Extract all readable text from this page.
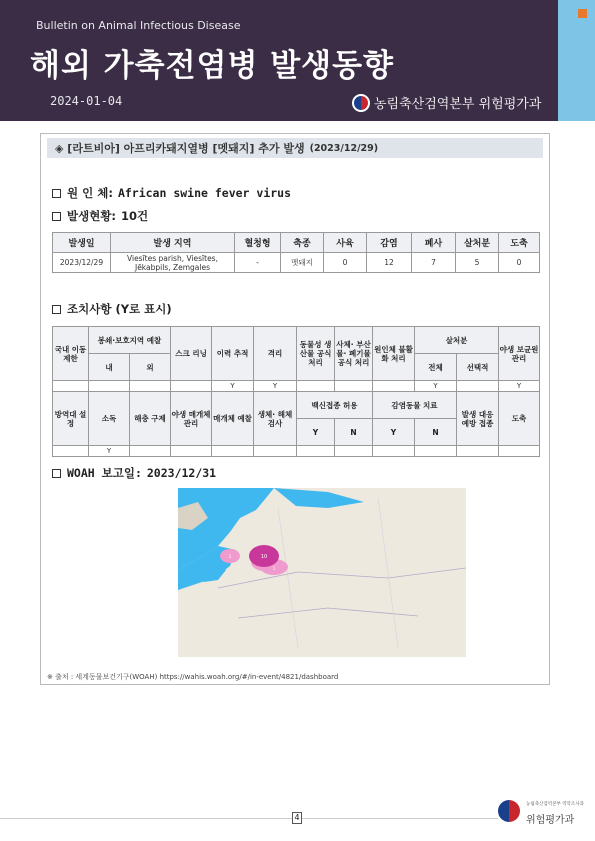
Bulletin on Animal Infectious Disease
해외 가축전염병 발생동향
2024-01-04	농림축산검역본부 위험평가과
◈ [라트비아] 아프리카돼지열병 [멧돼지] 추가 발생 (2023/12/29)
원 인 체: African swine fever virus
발생현황: 10건
발생일	발생 지역	혈청형	축종	사육	감염	폐사	살처분	도축
2023/12/29	Viesītes parish, Viesītes, Jēkabpils, Zemgales	-	멧돼지	0	12	7	5	0
조치사항 (Y로 표시)
국내 이동 제한	봉쇄·보호지역 예찰		스크 리닝	이력 추적	격리	동물성 생산물 공식 처리	사체· 부산물· 폐기물 공식 처리	원인체 불활화 처리	살처분		야생 보균원 관리
	내	외							전체	선택적	
				Y	Y				Y		Y
방역대 설정	소독	해충 구제	야생 매개체 관리	매개체 예찰	생체· 해체 검사	백신접종 허용		감염동물 치료		발생 대응 예방 접종	도축
						Y	N	Y	N		
	Y										
WOAH 보고일: 2023/12/31
1	10
1
※ 출처 : 세계동물보건기구(WOAH) https://wahis.woah.org/#/in-event/4821/dashboard
4
농림축산검역본부 역학조사과
위험평가과
